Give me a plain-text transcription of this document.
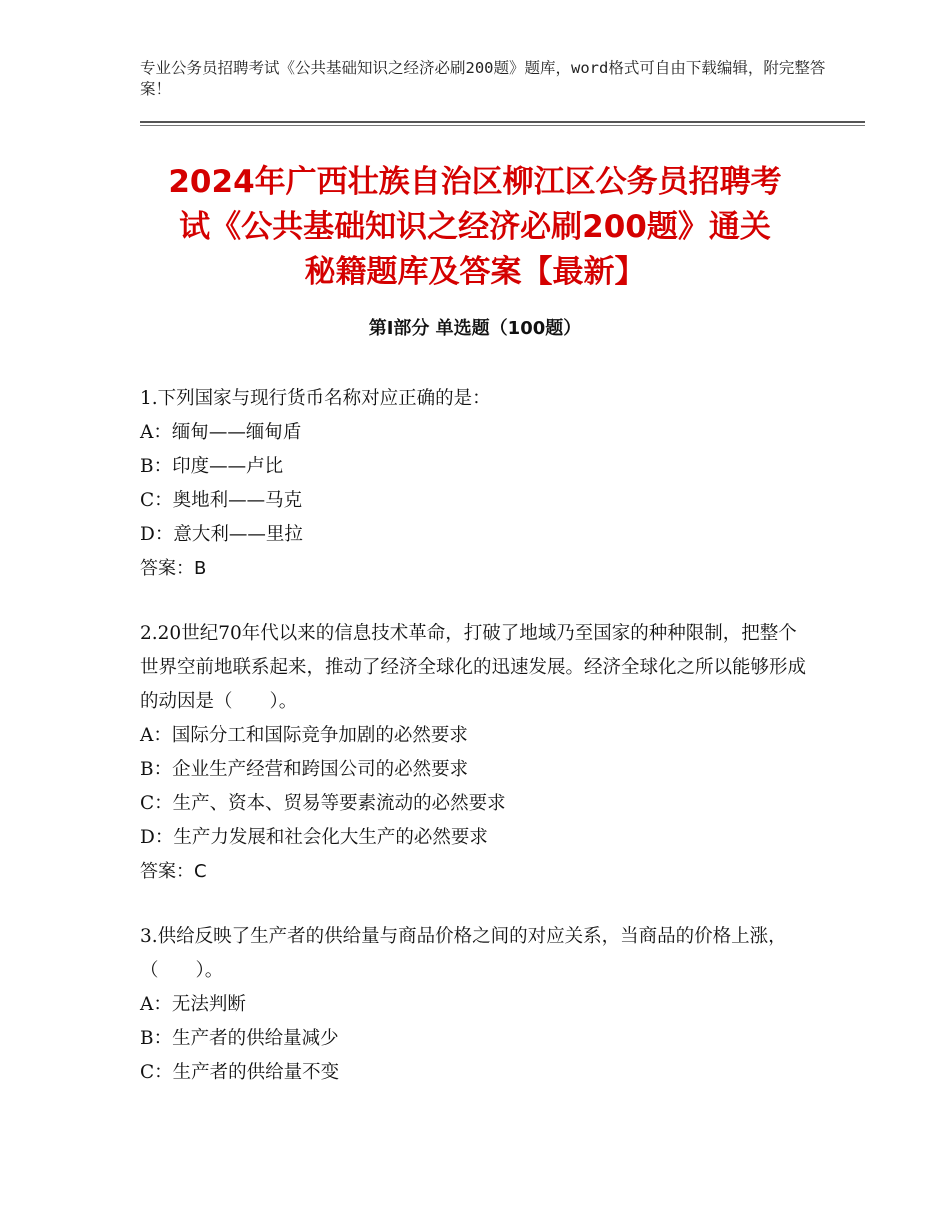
专业公务员招聘考试《公共基础知识之经济必刷200题》题库，word格式可自由下载编辑，附完整答案！
2024年广西壮族自治区柳江区公务员招聘考
试《公共基础知识之经济必刷200题》通关
秘籍题库及答案【最新】
第Ⅰ部分 单选题（100题）
1.下列国家与现行货币名称对应正确的是：
A：缅甸——缅甸盾
B：印度——卢比
C：奥地利——马克
D：意大利——里拉
答案：B
2.20世纪70年代以来的信息技术革命，打破了地域乃至国家的种种限制，把整个世界空前地联系起来，推动了经济全球化的迅速发展。经济全球化之所以能够形成的动因是（　　）。
A：国际分工和国际竞争加剧的必然要求
B：企业生产经营和跨国公司的必然要求
C：生产、资本、贸易等要素流动的必然要求
D：生产力发展和社会化大生产的必然要求
答案：C
3.供给反映了生产者的供给量与商品价格之间的对应关系，当商品的价格上涨，（　　）。
A：无法判断
B：生产者的供给量减少
C：生产者的供给量不变
